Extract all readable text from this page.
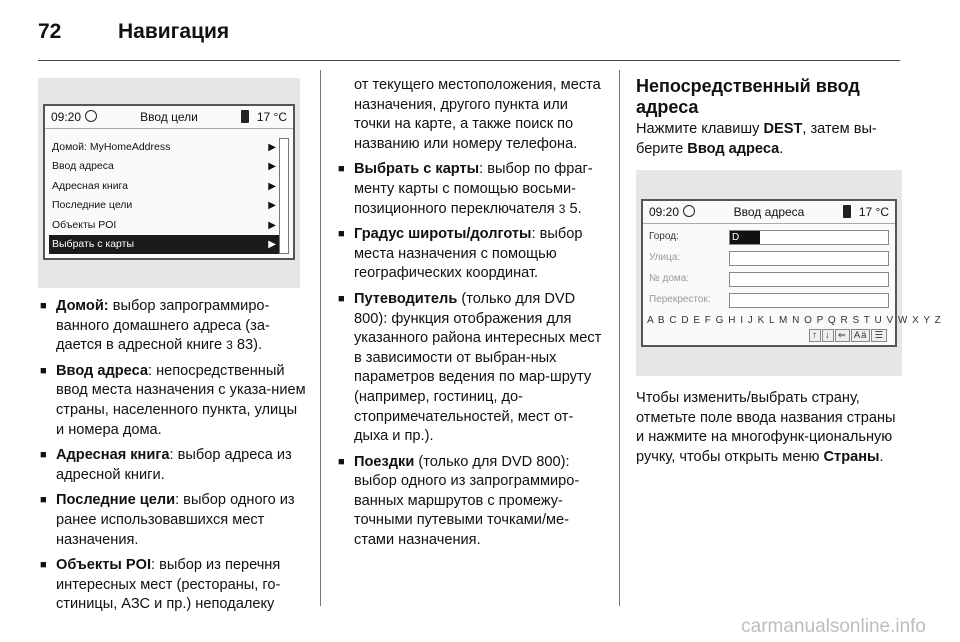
72	Навигация
09:20	Ввод цели	17 °C
Домой: MyHomeAddress	▶
Ввод адреса	▶
Адресная книга	▶
Последние цели	▶
Объекты POI	▶
Выбрать с карты	▶
■ Домой: выбор запрограммиро-ванного домашнего адреса (за-дается в адресной книге 3 83).
■ Ввод адреса: непосредственный ввод места назначения с указа-нием страны, населенного пункта, улицы и номера дома.
■ Адресная книга: выбор адреса из адресной книги.
■ Последние цели: выбор одного из ранее использовавшихся мест назначения.
■ Объекты POI: выбор из перечня интересных мест (рестораны, го-стиницы, АЗС и пр.) неподалеку

от текущего местоположения, места назначения, другого пункта или точки на карте, а также поиск по названию или номеру телефона.

■ Выбрать с карты: выбор по фраг-менту карты с помощью восьми-позиционного переключателя 3 5.
■ Градус широты/долготы: выбор места назначения с помощью географических координат.
■ Путеводитель (только для DVD 800): функция отображения для указанного района интересных мест в зависимости от выбран-ных параметров ведения по мар-шруту (например, гостиниц, до-стопримечательностей, мест от-дыха и пр.).
■ Поездки (только для DVD 800): выбор одного из запрограммиро-ванных маршрутов с промежу-точными путевыми точками/ме-стами назначения.
Непосредственный ввод адреса

Нажмите клавишу DEST, затем вы-берите Ввод адреса.

Чтобы изменить/выбрать страну, отметьте поле ввода названия страны и нажмите на многофунк-циональную ручку, чтобы открыть меню Страны.

09:20	Ввод адреса	17 °C
Город:	D
Улица:
№ дома:
Перекресток:
A B C D E F G H I J K L M N O P Q R S T U V W X Y Z
↑ ↓ ⇐ Aä ☰
carmanualsonline.info
